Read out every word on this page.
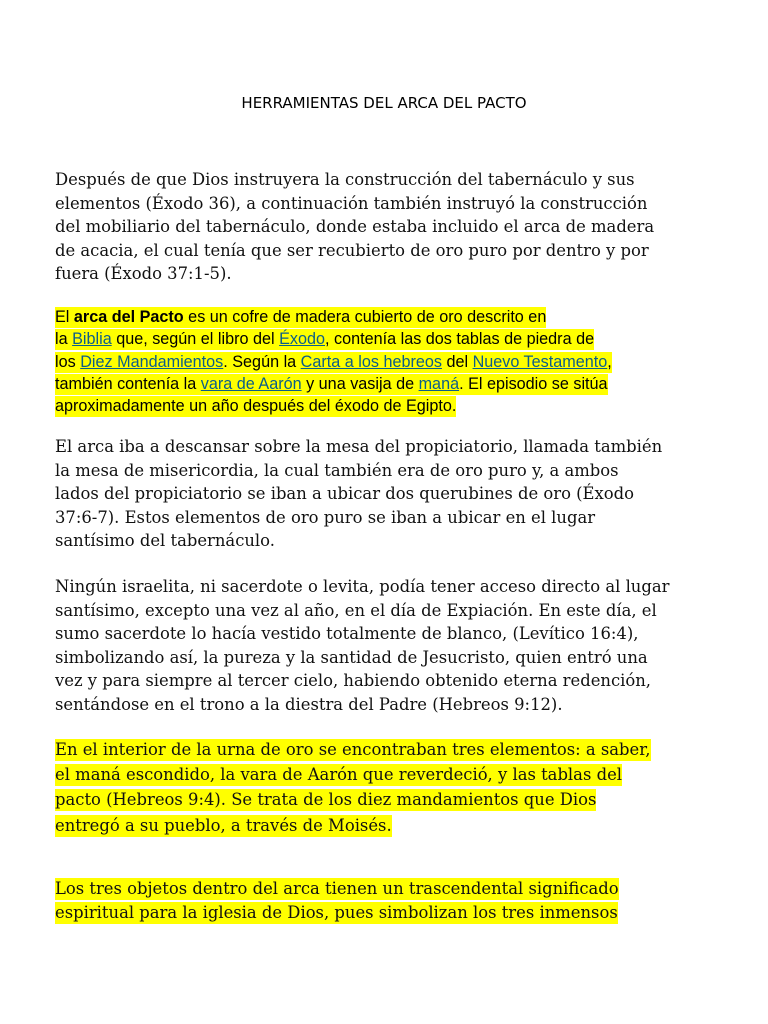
HERRAMIENTAS DEL ARCA DEL PACTO
Después de que Dios instruyera la construcción del tabernáculo y sus
elementos (Éxodo 36), a continuación también instruyó la construcción
del mobiliario del tabernáculo, donde estaba incluido el arca de madera
de acacia, el cual tenía que ser recubierto de oro puro por dentro y por
fuera (Éxodo 37:1-5).
El arca del Pacto es un cofre de madera cubierto de oro descrito en
la Biblia que, según el libro del Éxodo, contenía las dos tablas de piedra de
los Diez Mandamientos. Según la Carta a los hebreos del Nuevo Testamento,
también contenía la vara de Aarón y una vasija de maná. El episodio se sitúa
aproximadamente un año después del éxodo de Egipto.
El arca iba a descansar sobre la mesa del propiciatorio, llamada también
la mesa de misericordia, la cual también era de oro puro y, a ambos
lados del propiciatorio se iban a ubicar dos querubines de oro (Éxodo
37:6-7). Estos elementos de oro puro se iban a ubicar en el lugar
santísimo del tabernáculo.
Ningún israelita, ni sacerdote o levita, podía tener acceso directo al lugar
santísimo, excepto una vez al año, en el día de Expiación. En este día, el
sumo sacerdote lo hacía vestido totalmente de blanco, (Levítico 16:4),
simbolizando así, la pureza y la santidad de Jesucristo, quien entró una
vez y para siempre al tercer cielo, habiendo obtenido eterna redención,
sentándose en el trono a la diestra del Padre (Hebreos 9:12).
En el interior de la urna de oro se encontraban tres elementos: a saber,
el maná escondido, la vara de Aarón que reverdeció, y las tablas del
pacto (Hebreos 9:4). Se trata de los diez mandamientos que Dios
entregó a su pueblo, a través de Moisés.
Los tres objetos dentro del arca tienen un trascendental significado
espiritual para la iglesia de Dios, pues simbolizan los tres inmensos
